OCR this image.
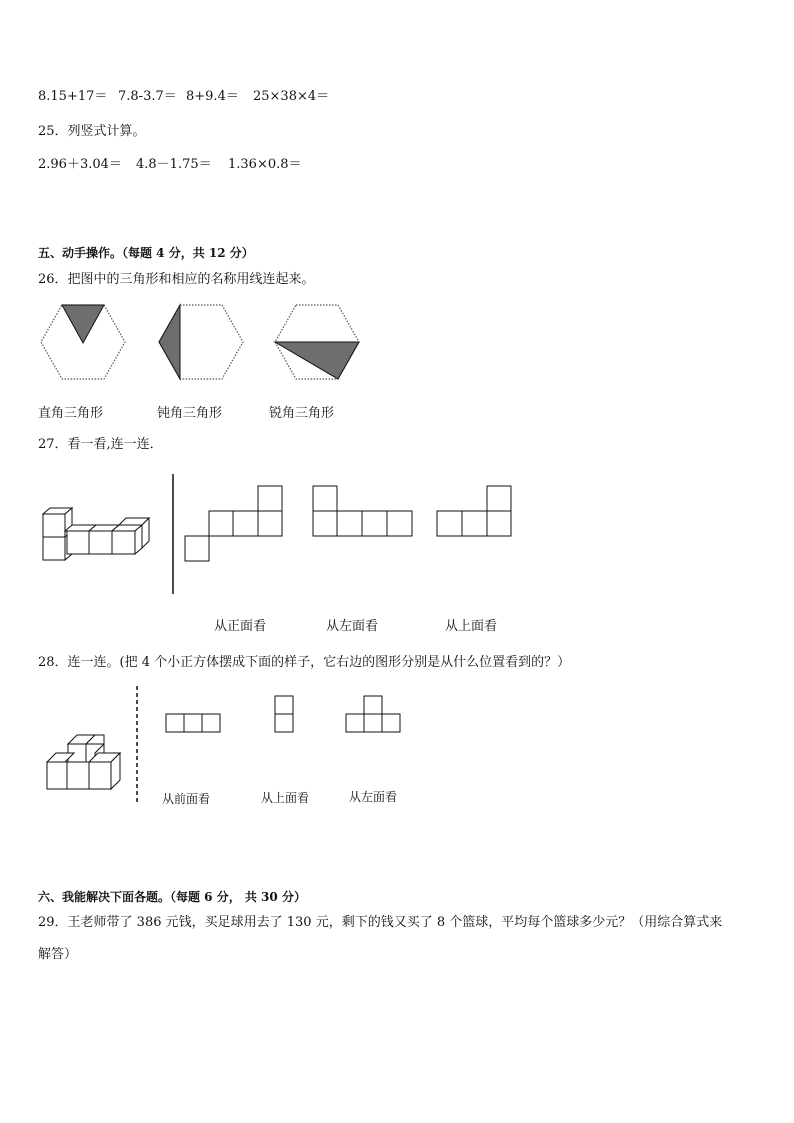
8.15+17＝ 7.8-3.7＝ 8+9.4＝ 25×38×4＝
25．列竖式计算。
2.96＋3.04＝ 4.8－1.75＝ 1.36×0.8＝
五、动手操作。（每题 4 分，共 12 分）
26．把图中的三角形和相应的名称用线连起来。
直角三角形	钝角三角形	锐角三角形
27．看一看,连一连．
从正面看	从左面看	从上面看
28．连一连。(把 4 个小正方体摆成下面的样子，它右边的图形分别是从什么位置看到的？）
从前面看	从上面看	从左面看
六、我能解决下面各题。（每题 6 分， 共 30 分）
29．王老师带了 386 元钱，买足球用去了 130 元，剩下的钱又买了 8 个篮球，平均每个篮球多少元？（用综合算式来
解答）
